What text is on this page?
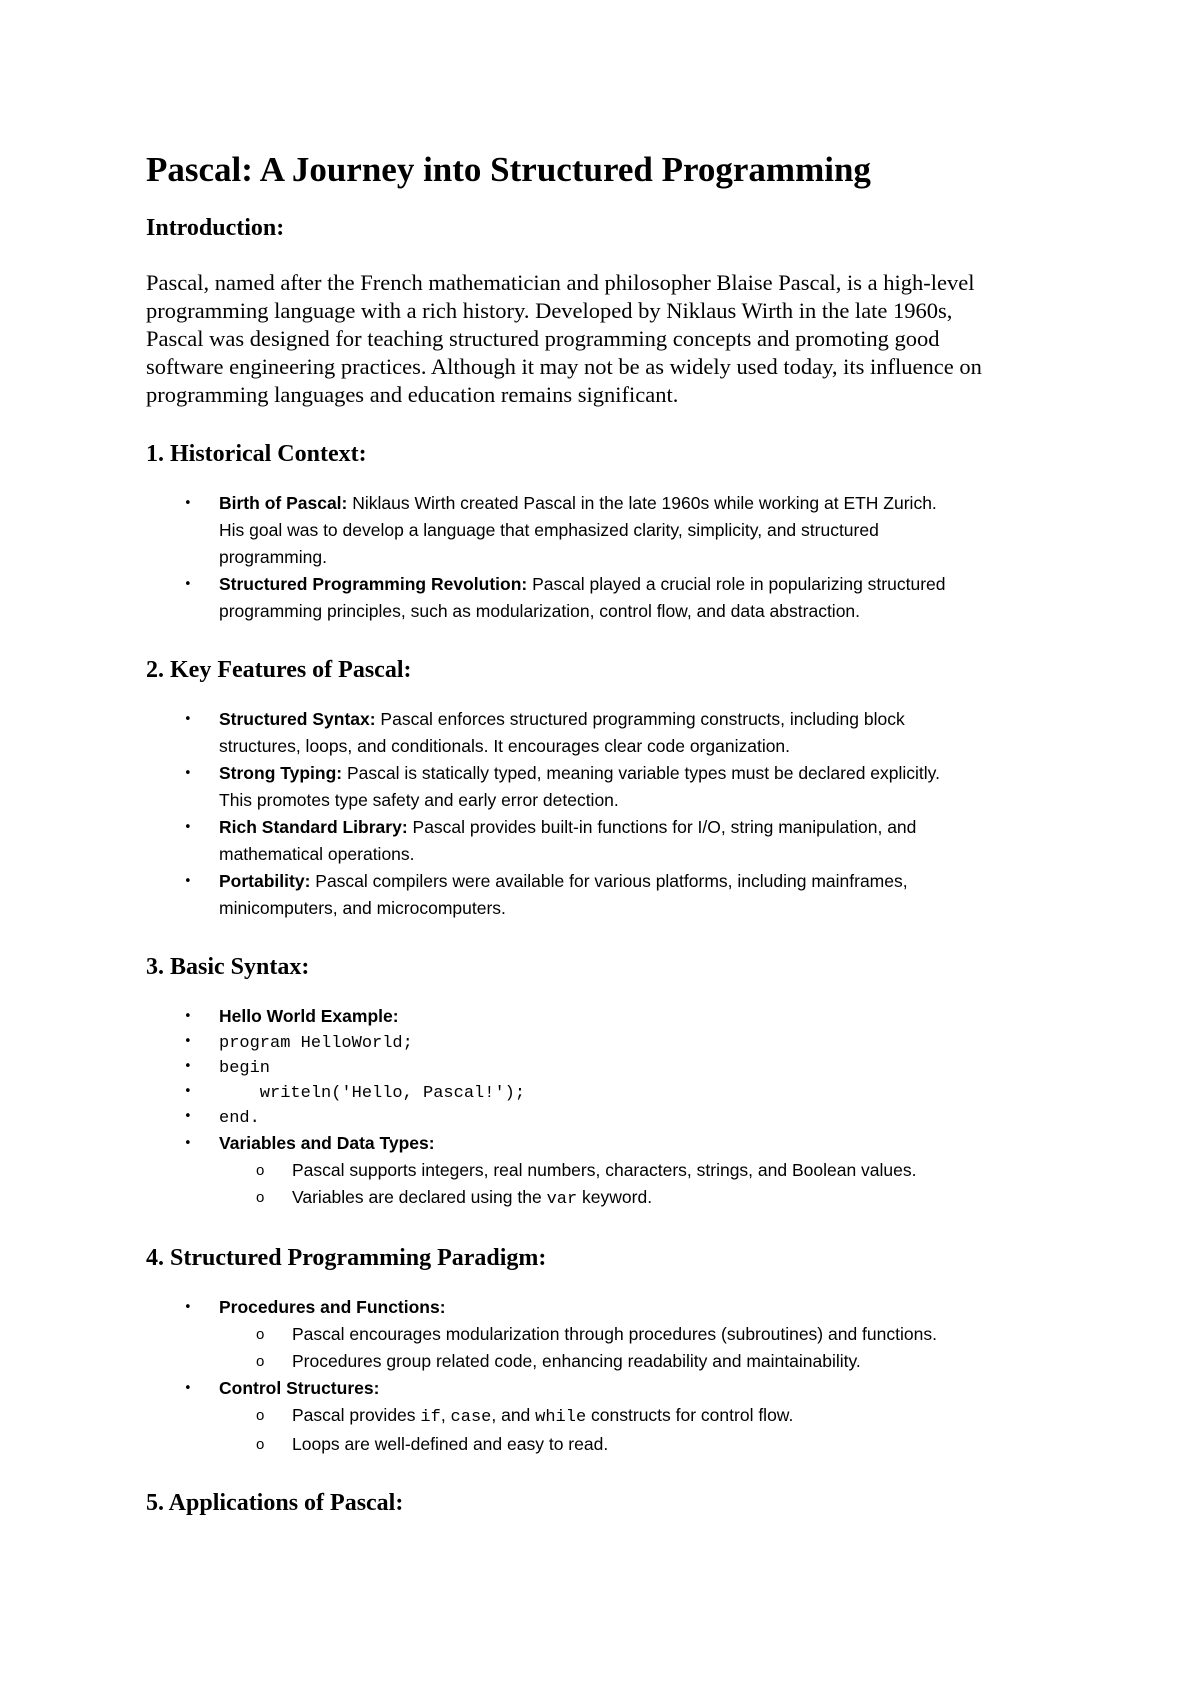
Pascal: A Journey into Structured Programming
Introduction:

Pascal, named after the French mathematician and philosopher Blaise Pascal, is a high-level
programming language with a rich history. Developed by Niklaus Wirth in the late 1960s,
Pascal was designed for teaching structured programming concepts and promoting good
software engineering practices. Although it may not be as widely used today, its influence on
programming languages and education remains significant.

1. Historical Context:
•	Birth of Pascal: Niklaus Wirth created Pascal in the late 1960s while working at ETH Zurich.
His goal was to develop a language that emphasized clarity, simplicity, and structured
programming.
•	Structured Programming Revolution: Pascal played a crucial role in popularizing structured
programming principles, such as modularization, control flow, and data abstraction.
2. Key Features of Pascal:
•	Structured Syntax: Pascal enforces structured programming constructs, including block
structures, loops, and conditionals. It encourages clear code organization.
•	Strong Typing: Pascal is statically typed, meaning variable types must be declared explicitly.
This promotes type safety and early error detection.
•	Rich Standard Library: Pascal provides built-in functions for I/O, string manipulation, and
mathematical operations.
•	Portability: Pascal compilers were available for various platforms, including mainframes,
minicomputers, and microcomputers.
3. Basic Syntax:
•	Hello World Example:
•	program HelloWorld;
•	begin
•	writeln('Hello, Pascal!');
•	end.
•	Variables and Data Types:
o Pascal supports integers, real numbers, characters, strings, and Boolean values.
o Variables are declared using the var keyword.
4. Structured Programming Paradigm:
•	Procedures and Functions:
o Pascal encourages modularization through procedures (subroutines) and functions.
o Procedures group related code, enhancing readability and maintainability.
•	Control Structures:
o Pascal provides if, case, and while constructs for control flow.
o Loops are well-defined and easy to read.
5. Applications of Pascal:
